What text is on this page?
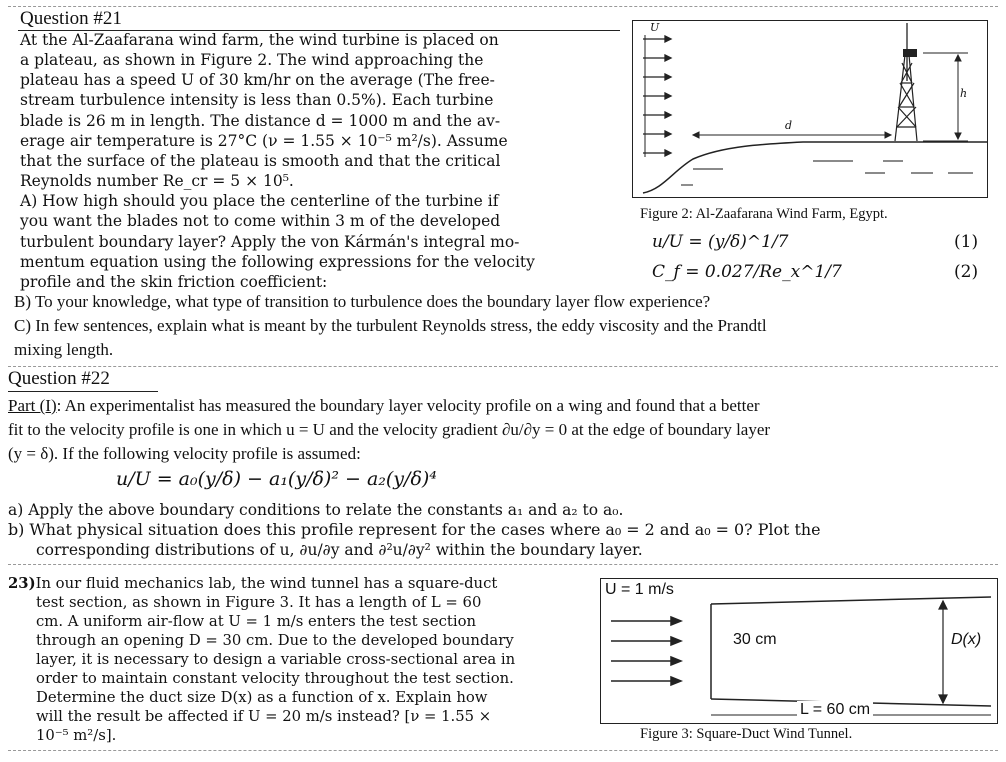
Question #21

At the Al-Zaafarana wind farm, the wind turbine is placed on

a plateau, as shown in Figure 2. The wind approaching the

plateau has a speed U of 30 km/hr on the average (The free-

stream turbulence intensity is less than 0.5%). Each turbine

blade is 26 m in length. The distance d = 1000 m and the av-

erage air temperature is 27°C (ν = 1.55 × 10⁻⁵ m²/s). Assume

that the surface of the plateau is smooth and that the critical

Reynolds number Re_cr = 5 × 10⁵.

A) How high should you place the centerline of the turbine if

you want the blades not to come within 3 m of the developed

turbulent boundary layer? Apply the von Kármán's integral mo-

mentum equation using the following expressions for the velocity

profile and the skin friction coefficient:

U
h
d
Figure 2: Al-Zaafarana Wind Farm, Egypt.
u/U = (y/δ)^1/7	(1)
C_f = 0.027/Re_x^1/7	(2)

B) To your knowledge, what type of transition to turbulence does the boundary layer flow experience?

C) In few sentences, explain what is meant by the turbulent Reynolds stress, the eddy viscosity and the Prandtl

mixing length.

Question #22

Part (I): An experimentalist has measured the boundary layer velocity profile on a wing and found that a better

fit to the velocity profile is one in which u = U and the velocity gradient ∂u/∂y = 0 at the edge of boundary layer

(y = δ). If the following velocity profile is assumed:

u/U = a₀(y/δ) − a₁(y/δ)² − a₂(y/δ)⁴

a) Apply the above boundary conditions to relate the constants a₁ and a₂ to a₀.

b) What physical situation does this profile represent for the cases where a₀ = 2 and a₀ = 0? Plot the

corresponding distributions of u, ∂u/∂y and ∂²u/∂y² within the boundary layer.

23)In our fluid mechanics lab, the wind tunnel has a square-duct

test section, as shown in Figure 3. It has a length of L = 60

cm. A uniform air-flow at U = 1 m/s enters the test section

through an opening D = 30 cm. Due to the developed boundary

layer, it is necessary to design a variable cross-sectional area in

order to maintain constant velocity throughout the test section.

Determine the duct size D(x) as a function of x. Explain how

will the result be affected if U = 20 m/s instead? [ν = 1.55 ×

10⁻⁵ m²/s].

U = 1 m/s
30 cm	D(x)
L = 60 cm
Figure 3: Square-Duct Wind Tunnel.
